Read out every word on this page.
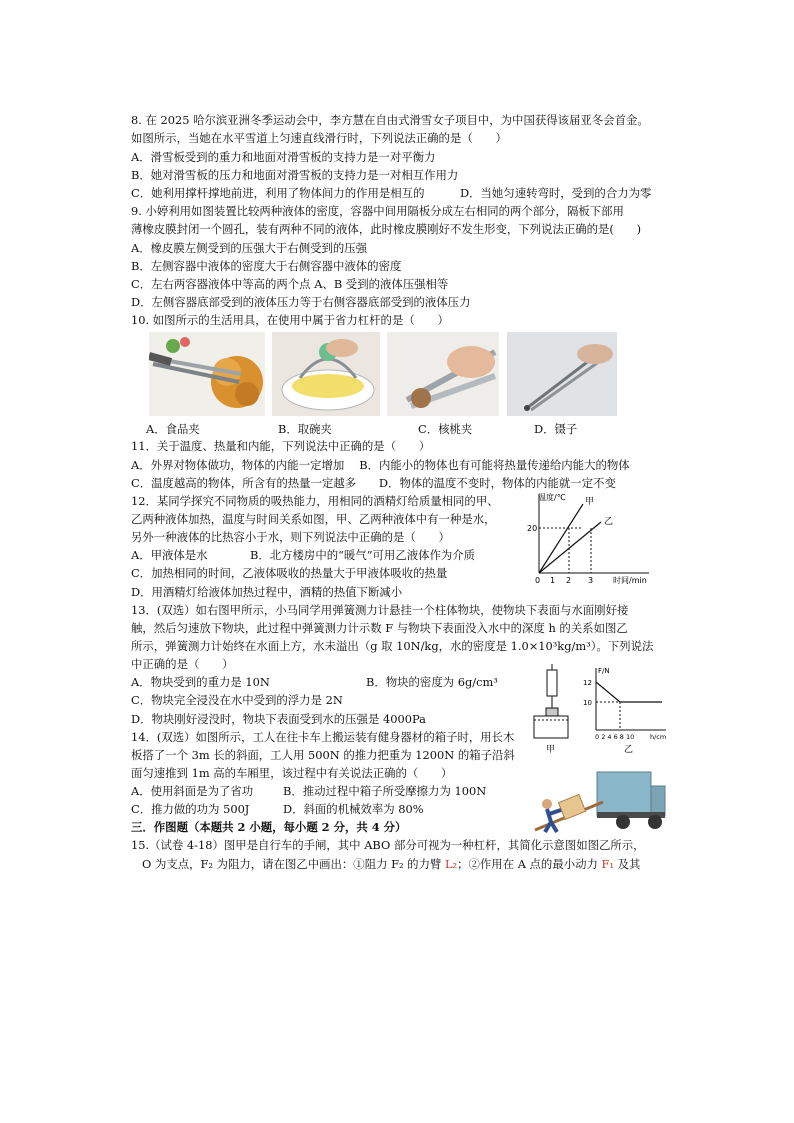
8. 在 2025 哈尔滨亚洲冬季运动会中，李方慧在自由式滑雪女子项目中，为中国获得该届亚冬会首金。
如图所示，当她在水平雪道上匀速直线滑行时，下列说法正确的是（　　）
A．滑雪板受到的重力和地面对滑雪板的支持力是一对平衡力
B．她对滑雪板的压力和地面对滑雪板的支持力是一对相互作用力
C．她利用撑杆撑地前进，利用了物体间力的作用是相互的	D．当她匀速转弯时，受到的合力为零
9. 小婷利用如图装置比较两种液体的密度，容器中间用隔板分成左右相同的两个部分，隔板下部用
薄橡皮膜封闭一个圆孔，装有两种不同的液体，此时橡皮膜刚好不发生形变，下列说法正确的是(　　)
A．橡皮膜左侧受到的压强大于右侧受到的压强
B．左侧容器中液体的密度大于右侧容器中液体的密度
C．左右两容器液体中等高的两个点 A、B 受到的液体压强相等
D．左侧容器底部受到的液体压力等于右侧容器底部受到的液体压力
10. 如图所示的生活用具，在使用中属于省力杠杆的是（　　）
A．食品夹	B．取碗夹	C．核桃夹	D．镊子
11．关于温度、热量和内能，下列说法中正确的是（　　）
A．外界对物体做功，物体的内能一定增加　 B．内能小的物体也有可能将热量传递给内能大的物体
C．温度越高的物体，所含有的热量一定越多　　D．物体的温度不变时，物体的内能就一定不变
12．某同学探究不同物质的吸热能力，用相同的酒精灯给质量相同的甲、
乙两种液体加热，温度与时间关系如图，甲、乙两种液体中有一种是水，
另外一种液体的比热容小于水，则下列说法中正确的是（　　）
A．甲液体是水	B．北方楼房中的“暖气”可用乙液体作为介质
C．加热相同的时间，乙液体吸收的热量大于甲液体吸收的热量
D．用酒精灯给液体加热过程中，酒精的热值下断减小
温度/℃
20
0 1 2 3 时间/min
甲
乙
13．(双选）如右图甲所示，小马同学用弹簧测力计悬挂一个柱体物块，使物块下表面与水面刚好接
触，然后匀速放下物块，此过程中弹簧测力计示数 F 与物块下表面没入水中的深度 h 的关系如图乙
所示，弹簧测力计始终在水面上方，水未溢出（g 取 10N/kg，水的密度是 1.0×10³kg/m³）。下列说法
中正确的是（　　）
A．物块受到的重力是 10N	B．物块的密度为 6g/cm³
C．物块完全浸没在水中受到的浮力是 2N
D．物块刚好浸没时，物块下表面受到水的压强是 4000Pa
甲
F/N
12
10
0 2 4 6 8 10 h/cm
乙
14．(双选）如图所示，工人在往卡车上搬运装有健身器材的箱子时，用长木
板搭了一个 3m 长的斜面，工人用 500N 的推力把重为 1200N 的箱子沿斜
面匀速推到 1m 高的车厢里，该过程中有关说法正确的（　　）
A．使用斜面是为了省功	B．推动过程中箱子所受摩擦力为 100N
C．推力做的功为 500J	D．斜面的机械效率为 80%
三．作图题（本题共 2 小题，每小题 2 分，共 4 分）
15.（试卷 4-18）图甲是自行车的手闸，其中 ABO 部分可视为一种杠杆，其简化示意图如图乙所示，
O 为支点，F₂ 为阻力，请在图乙中画出：①阻力 F₂ 的力臂 L₂；②作用在 A 点的最小动力 F₁ 及其
